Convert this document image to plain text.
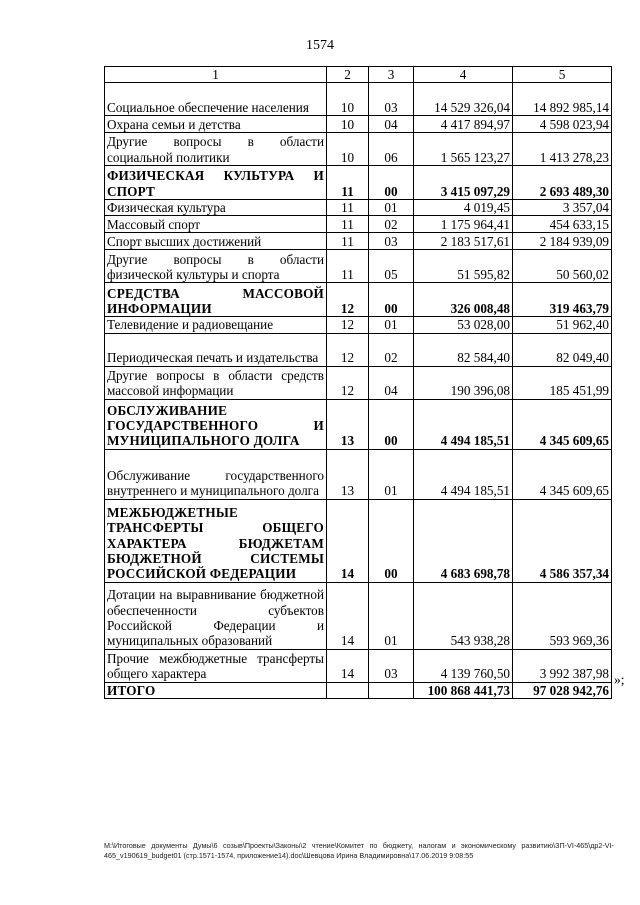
1574
1	2	3	4	5
Социальное обеспечение населения	10	03	14 529 326,04	14 892 985,14
Охрана семьи и детства	10	04	4 417 894,97	4 598 023,94
Другие вопросы в области социальной политики	10	06	1 565 123,27	1 413 278,23
ФИЗИЧЕСКАЯ КУЛЬТУРА И СПОРТ	11	00	3 415 097,29	2 693 489,30
Физическая культура	11	01	4 019,45	3 357,04
Массовый спорт	11	02	1 175 964,41	454 633,15
Спорт высших достижений	11	03	2 183 517,61	2 184 939,09
Другие вопросы в области физической культуры и спорта	11	05	51 595,82	50 560,02
СРЕДСТВА МАССОВОЙ ИНФОРМАЦИИ	12	00	326 008,48	319 463,79
Телевидение и радиовещание	12	01	53 028,00	51 962,40
Периодическая печать и издательства	12	02	82 584,40	82 049,40
Другие вопросы в области средств массовой информации	12	04	190 396,08	185 451,99
ОБСЛУЖИВАНИЕ ГОСУДАРСТВЕННОГО И МУНИЦИПАЛЬНОГО ДОЛГА	13	00	4 494 185,51	4 345 609,65
Обслуживание государственного внутреннего и муниципального долга	13	01	4 494 185,51	4 345 609,65
МЕЖБЮДЖЕТНЫЕ ТРАНСФЕРТЫ ОБЩЕГО ХАРАКТЕРА БЮДЖЕТАМ БЮДЖЕТНОЙ СИСТЕМЫ РОССИЙСКОЙ ФЕДЕРАЦИИ	14	00	4 683 698,78	4 586 357,34
Дотации на выравнивание бюджетной обеспеченности субъектов Российской Федерации и муниципальных образований	14	01	543 938,28	593 969,36
Прочие межбюджетные трансферты общего характера	14	03	4 139 760,50	3 992 387,98
ИТОГО			100 868 441,73	97 028 942,76
»;
M:\Итоговые документы Думы\6 созыв\Проекты\Законы\2 чтение\Комитет по бюджету, налогам и экономическому развитию\ЗП-VI-465\др2-VI-465_v190619_budget01 (стр.1571-1574, приложение14).doc\Шевцова Ирина Владимировна\17.06.2019 9:08:55
